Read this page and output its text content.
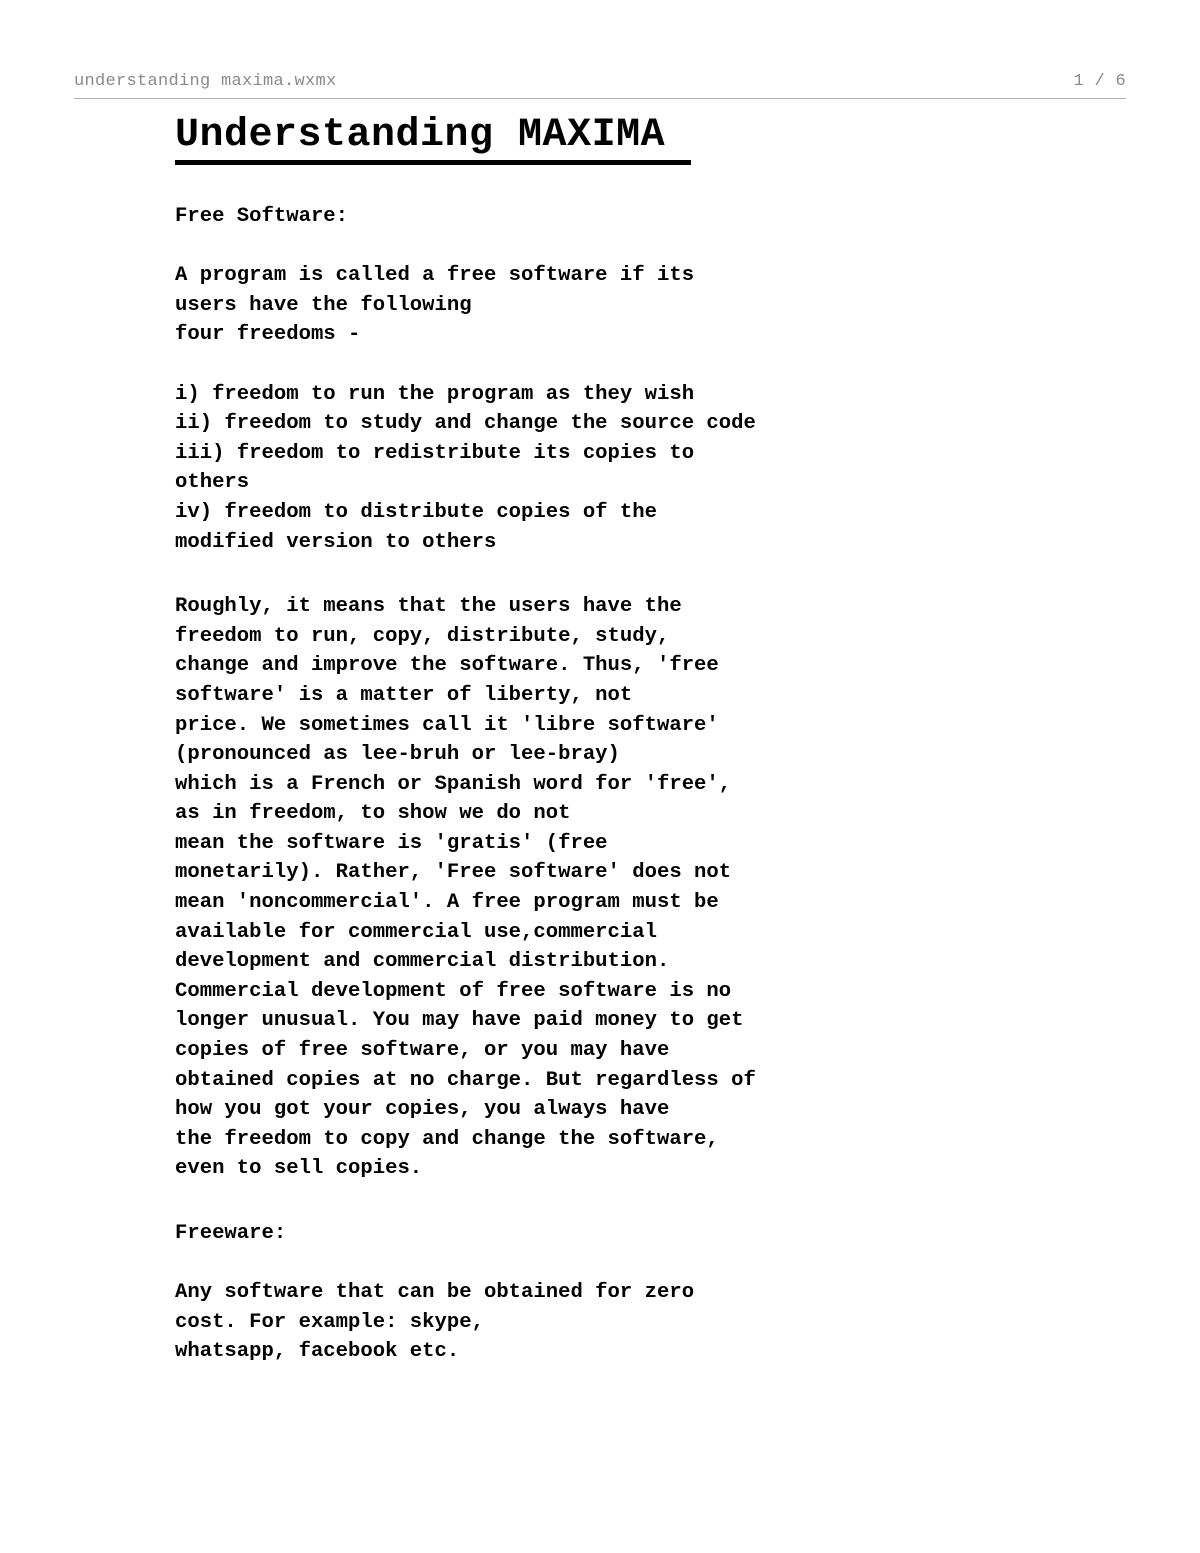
understanding maxima.wxmx	1 / 6
Understanding MAXIMA
Free Software:
A program is called a free software if its
users have the following
four freedoms -
i) freedom to run the program as they wish
ii) freedom to study and change the source code
iii) freedom to redistribute its copies to
others
iv) freedom to distribute copies of the
modified version to others
Roughly, it means that the users have the
freedom to run, copy, distribute, study,
change and improve the software. Thus, 'free
software' is a matter of liberty, not
price. We sometimes call it 'libre software'
(pronounced as lee-bruh or lee-bray)
which is a French or Spanish word for 'free',
as in freedom, to show we do not
mean the software is 'gratis' (free
monetarily). Rather, 'Free software' does not
mean 'noncommercial'. A free program must be
available for commercial use,commercial
development and commercial distribution.
Commercial development of free software is no
longer unusual. You may have paid money to get
copies of free software, or you may have
obtained copies at no charge. But regardless of
how you got your copies, you always have
the freedom to copy and change the software,
even to sell copies.
Freeware:
Any software that can be obtained for zero
cost. For example: skype,
whatsapp, facebook etc.
